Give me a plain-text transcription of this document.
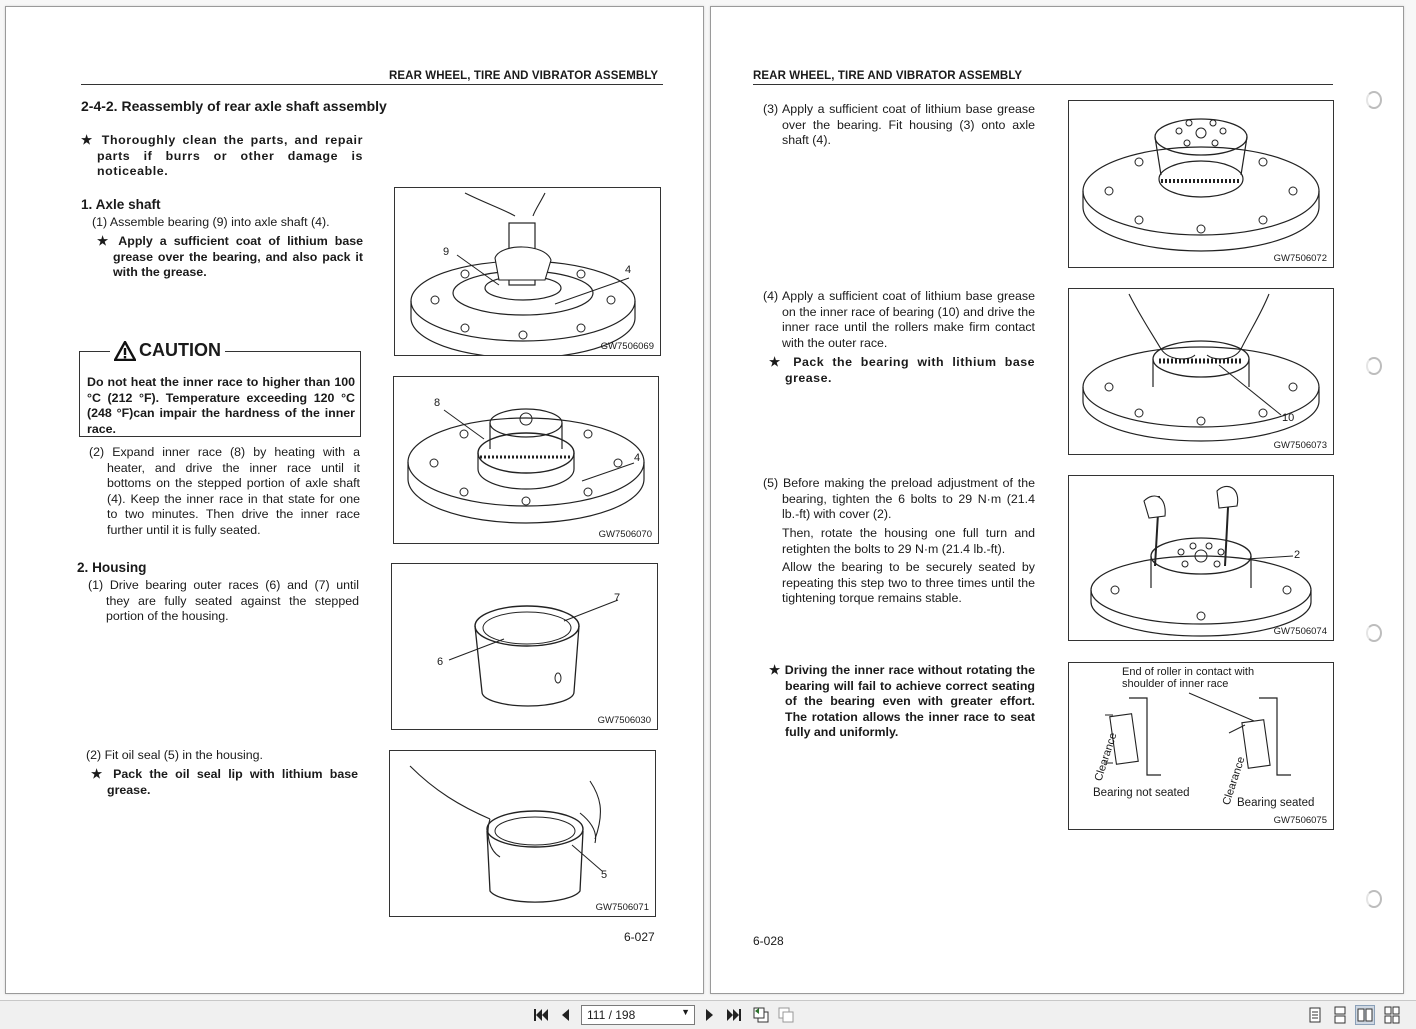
REAR WHEEL, TIRE AND VIBRATOR ASSEMBLY
2-4-2. Reassembly of rear axle shaft assembly
★ Thoroughly clean the parts, and repair parts if burrs or other damage is noticeable.
1. Axle shaft
(1) Assemble bearing (9) into axle shaft (4).
★ Apply a sufficient coat of lithium base grease over the bearing, and also pack it with the grease.
CAUTION
Do not heat the inner race to higher than 100 °C (212 °F). Temperature exceeding 120 °C (248 °F)can impair the hardness of the inner race.
(2) Expand inner race (8) by heating with a heater, and drive the inner race until it bottoms on the stepped portion of axle shaft (4). Keep the inner race in that state for one to two minutes. Then drive the inner race further until it is fully seated.
2. Housing
(1) Drive bearing outer races (6) and (7) until they are fully seated against the stepped portion of the housing.
(2) Fit oil seal (5) in the housing.
★ Pack the oil seal lip with lithium base grease.
9
4
GW7506069
8
4
GW7506070
7
6
GW7506030
5
GW7506071
6-027
REAR WHEEL, TIRE AND VIBRATOR ASSEMBLY
(3) Apply a sufficient coat of lithium base grease over the bearing. Fit housing (3) onto axle shaft (4).
(4) Apply a sufficient coat of lithium base grease on the inner race of bearing (10) and drive the inner race until the rollers make firm contact with the outer race.
★ Pack the bearing with lithium base grease.
(5) Before making the preload adjustment of the bearing, tighten the 6 bolts to 29 N·m (21.4 lb.-ft) with cover (2).
Then, rotate the housing one full turn and retighten the bolts to 29 N·m (21.4 lb.-ft).
Allow the bearing to be securely seated by repeating this step two to three times until the tightening torque remains stable.
★ Driving the inner race without rotating the bearing will fail to achieve correct seating of the bearing even with greater effort. The rotation allows the inner race to seat fully and uniformly.
GW7506072
10
GW7506073
2
GW7506074
End of roller in contact with
shoulder of inner race
Clearance
Bearing not seated	Clearance
Bearing seated
GW7506075
6-028
111 / 198	▼
